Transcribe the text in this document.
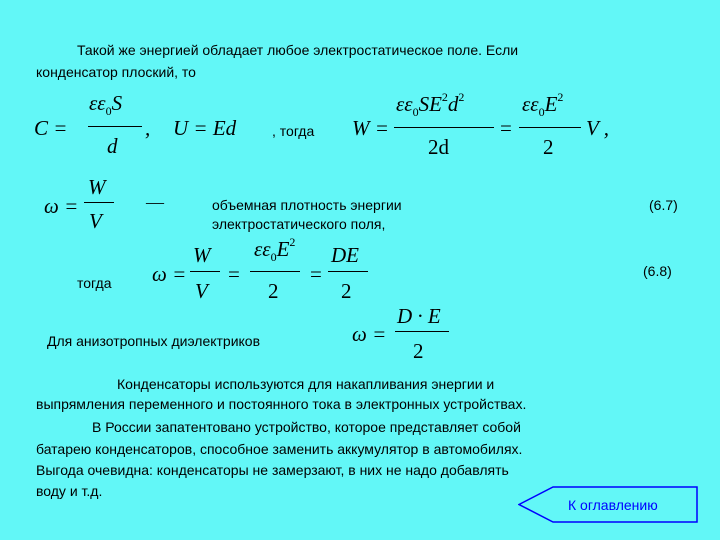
Такой же энергией обладает любое электростатическое поле. Если
конденсатор плоский, то
C =
$\varepsilon\varepsilon_0S$
d
, U = Ed	, тогда W =
$\varepsilon\varepsilon_0SE^2d^2$
2d
=
$\varepsilon\varepsilon_0E^2$
2
V ,
ω =
W
V
—	объемная плотность энергии
электростатического поля,
(6.7)
тогда ω =
W
V
=
$\varepsilon\varepsilon_0E^2$
2
=
DE
2
(6.8)
Для анизотропных диэлектриков	ω =
D · E
2
Конденсаторы используются для накапливания энергии и
выпрямления переменного и постоянного тока в электронных устройствах.
В России запатентовано устройство, которое представляет собой
батарею конденсаторов, способное заменить аккумулятор в автомобилях.
Выгода очевидна: конденсаторы не замерзают, в них не надо добавлять
воду и т.д.
К оглавлению
